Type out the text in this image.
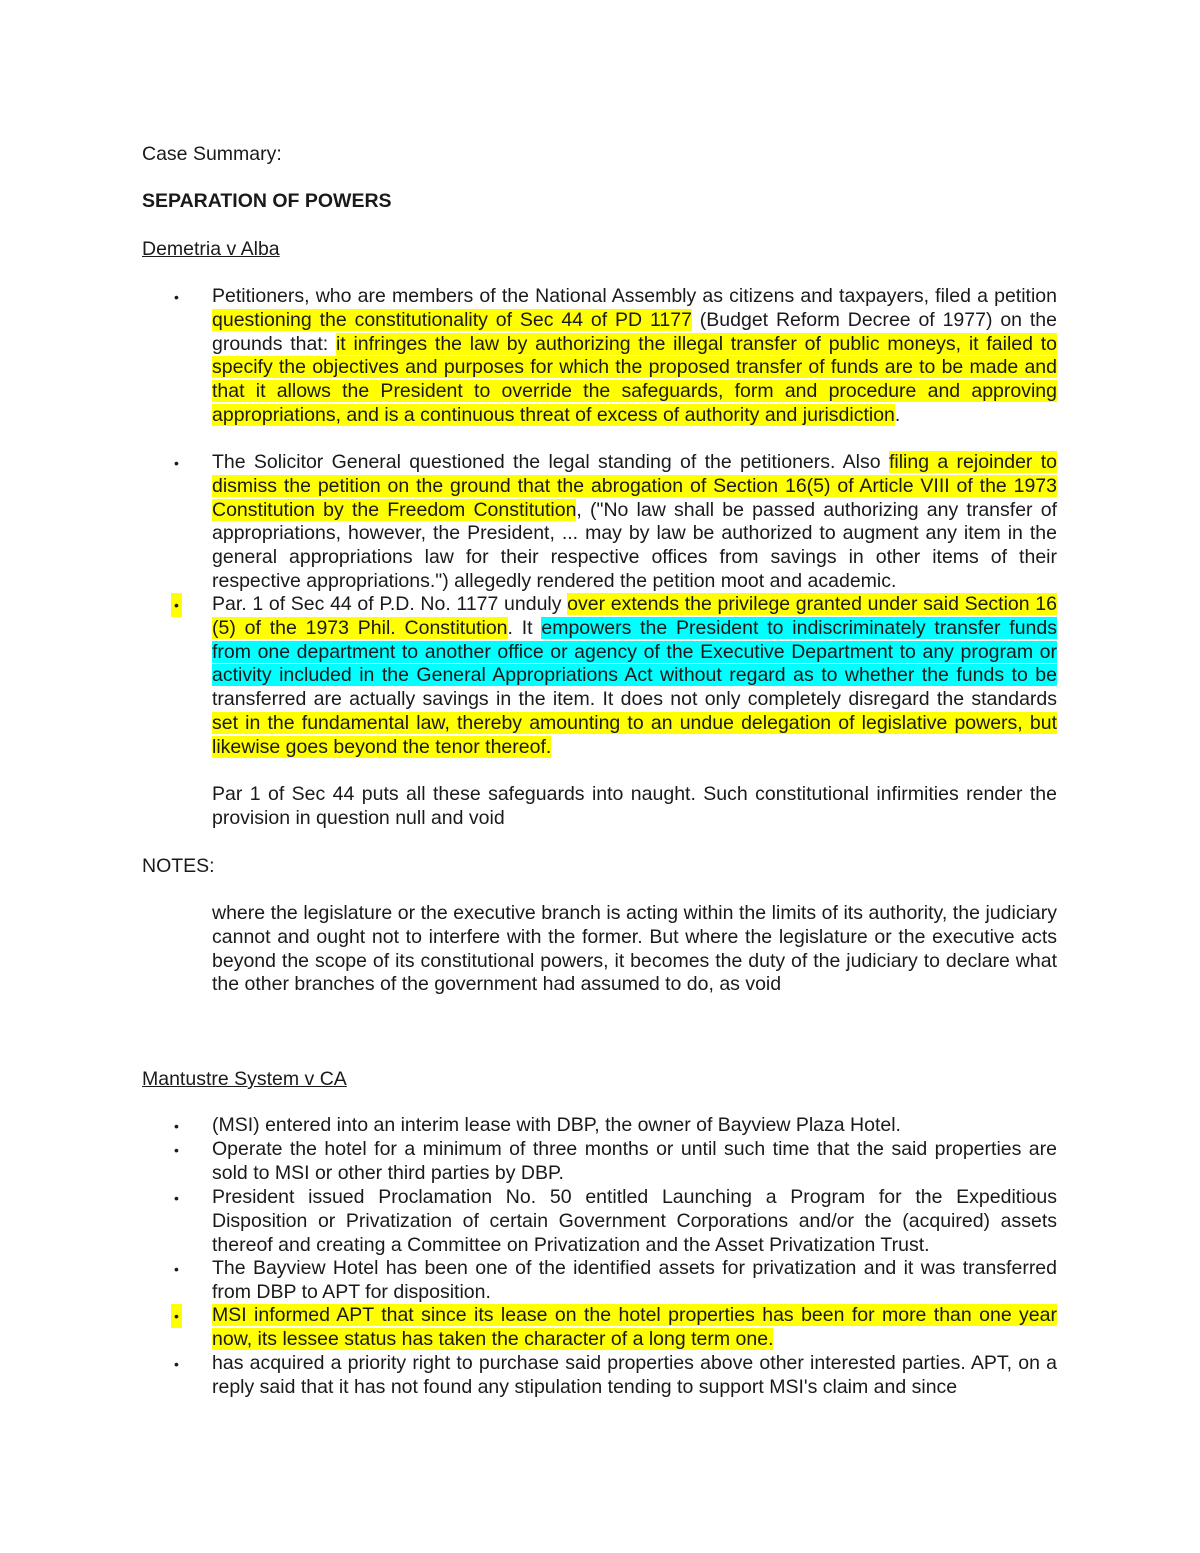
Case Summary:
SEPARATION OF POWERS
Demetria v Alba
• Petitioners, who are members of the National Assembly as citizens and taxpayers, filed a petition questioning the constitutionality of Sec 44 of PD 1177 (Budget Reform Decree of 1977) on the grounds that: it infringes the law by authorizing the illegal transfer of public moneys, it failed to specify the objectives and purposes for which the proposed transfer of funds are to be made and that it allows the President to override the safeguards, form and procedure and approving appropriations, and is a continuous threat of excess of authority and jurisdiction.
• The Solicitor General questioned the legal standing of the petitioners. Also filing a rejoinder to dismiss the petition on the ground that the abrogation of Section 16(5) of Article VIII of the 1973 Constitution by the Freedom Constitution, ("No law shall be passed authorizing any transfer of appropriations, however, the President, ... may by law be authorized to augment any item in the general appropriations law for their respective offices from savings in other items of their respective appropriations.") allegedly rendered the petition moot and academic.
• Par. 1 of Sec 44 of P.D. No. 1177 unduly over extends the privilege granted under said Section 16 (5) of the 1973 Phil. Constitution. It empowers the President to indiscriminately transfer funds from one department to another office or agency of the Executive Department to any program or activity included in the General Appropriations Act without regard as to whether the funds to be transferred are actually savings in the item. It does not only completely disregard the standards set in the fundamental law, thereby amounting to an undue delegation of legislative powers, but likewise goes beyond the tenor thereof.
Par 1 of Sec 44 puts all these safeguards into naught. Such constitutional infirmities render the provision in question null and void
NOTES:
where the legislature or the executive branch is acting within the limits of its authority, the judiciary cannot and ought not to interfere with the former. But where the legislature or the executive acts beyond the scope of its constitutional powers, it becomes the duty of the judiciary to declare what the other branches of the government had assumed to do, as void
Mantustre System v CA
• (MSI) entered into an interim lease with DBP, the owner of Bayview Plaza Hotel.
• Operate the hotel for a minimum of three months or until such time that the said properties are sold to MSI or other third parties by DBP.
• President issued Proclamation No. 50 entitled Launching a Program for the Expeditious Disposition or Privatization of certain Government Corporations and/or the (acquired) assets thereof and creating a Committee on Privatization and the Asset Privatization Trust.
• The Bayview Hotel has been one of the identified assets for privatization and it was transferred from DBP to APT for disposition.
• MSI informed APT that since its lease on the hotel properties has been for more than one year now, its lessee status has taken the character of a long term one.
• has acquired a priority right to purchase said properties above other interested parties. APT, on a reply said that it has not found any stipulation tending to support MSI's claim and since
